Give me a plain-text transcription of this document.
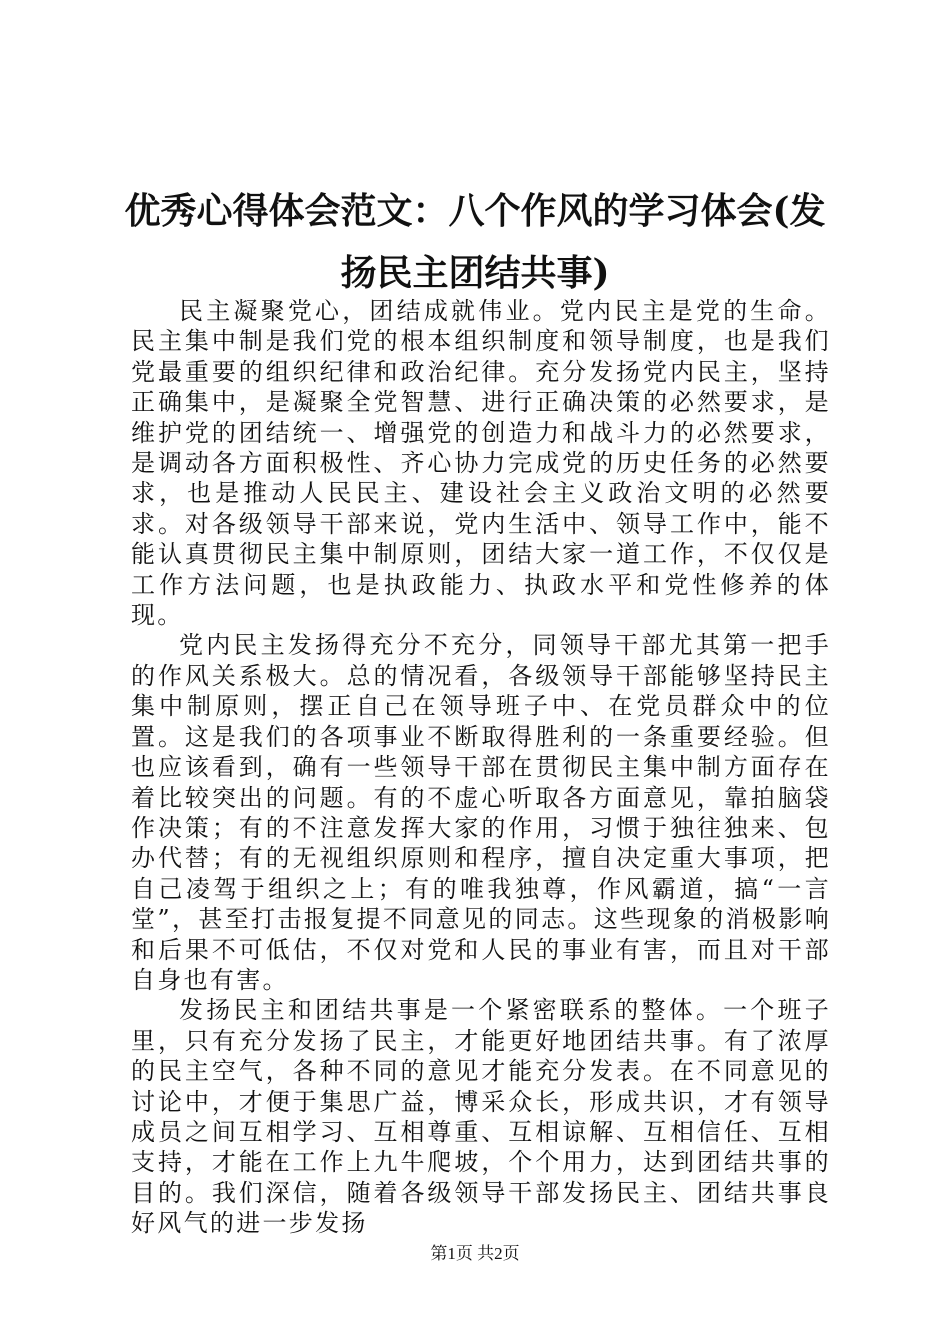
优秀心得体会范文：八个作风的学习体会(发扬民主团结共事)

民主凝聚党心，团结成就伟业。党内民主是党的生命。民主集中制是我们党的根本组织制度和领导制度，也是我们党最重要的组织纪律和政治纪律。充分发扬党内民主，坚持正确集中，是凝聚全党智慧、进行正确决策的必然要求，是维护党的团结统一、增强党的创造力和战斗力的必然要求，是调动各方面积极性、齐心协力完成党的历史任务的必然要求，也是推动人民民主、建设社会主义政治文明的必然要求。对各级领导干部来说，党内生活中、领导工作中，能不能认真贯彻民主集中制原则，团结大家一道工作，不仅仅是工作方法问题，也是执政能力、执政水平和党性修养的体现。

党内民主发扬得充分不充分，同领导干部尤其第一把手的作风关系极大。总的情况看，各级领导干部能够坚持民主集中制原则，摆正自己在领导班子中、在党员群众中的位置。这是我们的各项事业不断取得胜利的一条重要经验。但也应该看到，确有一些领导干部在贯彻民主集中制方面存在着比较突出的问题。有的不虚心听取各方面意见，靠拍脑袋作决策；有的不注意发挥大家的作用，习惯于独往独来、包办代替；有的无视组织原则和程序，擅自决定重大事项，把自己凌驾于组织之上；有的唯我独尊，作风霸道，搞“一言堂”，甚至打击报复提不同意见的同志。这些现象的消极影响和后果不可低估，不仅对党和人民的事业有害，而且对干部自身也有害。

发扬民主和团结共事是一个紧密联系的整体。一个班子里，只有充分发扬了民主，才能更好地团结共事。有了浓厚的民主空气，各种不同的意见才能充分发表。在不同意见的讨论中，才便于集思广益，博采众长，形成共识，才有领导成员之间互相学习、互相尊重、互相谅解、互相信任、互相支持，才能在工作上九牛爬坡，个个用力，达到团结共事的目的。我们深信，随着各级领导干部发扬民主、团结共事良好风气的进一步发扬

第1页 共2页
